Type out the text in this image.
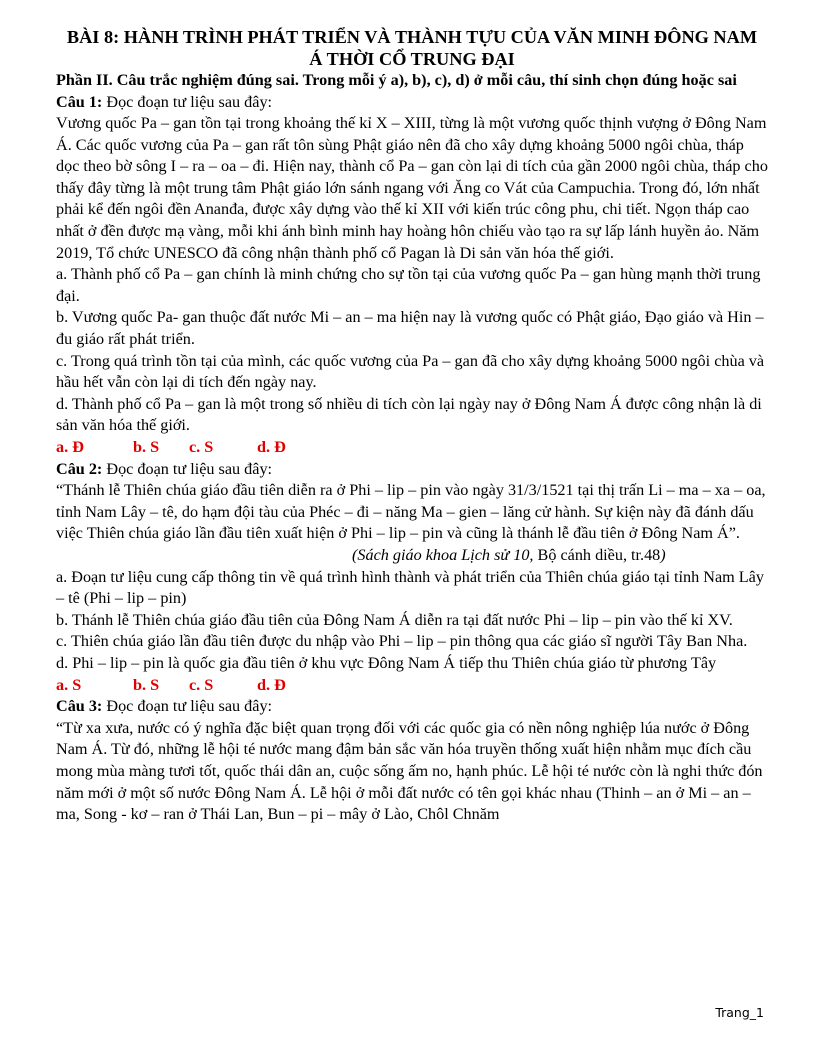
BÀI 8: HÀNH TRÌNH PHÁT TRIỂN VÀ THÀNH TỰU CỦA VĂN MINH ĐÔNG NAM

Á THỜI CỔ TRUNG ĐẠI

Phần II. Câu trắc nghiệm đúng sai. Trong mỗi ý a), b), c), d) ở mỗi câu, thí sinh chọn đúng hoặc sai

Câu 1: Đọc đoạn tư liệu sau đây:

Vương quốc Pa – gan tồn tại trong khoảng thế kỉ X – XIII, từng là một vương quốc thịnh vượng ở Đông Nam Á. Các quốc vương của Pa – gan rất tôn sùng Phật giáo nên đã cho xây dựng khoảng 5000 ngôi chùa, tháp dọc theo bờ sông I – ra – oa – đi. Hiện nay, thành cổ Pa – gan còn lại di tích của gần 2000 ngôi chùa, tháp cho thấy đây từng là một trung tâm Phật giáo lớn sánh ngang với Ăng co Vát của Campuchia. Trong đó, lớn nhất phải kể đến ngôi đền Ananđa, được xây dựng vào thế kỉ XII với kiến trúc công phu, chi tiết. Ngọn tháp cao nhất ở đền được mạ vàng, mỗi khi ánh bình minh hay hoàng hôn chiếu vào tạo ra sự lấp lánh huyền ảo. Năm 2019, Tổ chức UNESCO đã công nhận thành phố cổ Pagan là Di sản văn hóa thế giới.

a. Thành phố cổ Pa – gan chính là minh chứng cho sự tồn tại của vương quốc Pa – gan hùng mạnh thời trung đại.

b. Vương quốc Pa- gan thuộc đất nước Mi – an – ma hiện nay là vương quốc có Phật giáo, Đạo giáo và Hin – đu giáo rất phát triển.

c. Trong quá trình tồn tại của mình, các quốc vương của Pa – gan đã cho xây dựng khoảng 5000 ngôi chùa và hầu hết vẫn còn lại di tích đến ngày nay.

d. Thành phố cổ Pa – gan là một trong số nhiều di tích còn lại ngày nay ở Đông Nam Á được công nhận là di sản văn hóa thế giới.

a. Đ	b. S c. S	d. Đ

Câu 2: Đọc đoạn tư liệu sau đây:

“Thánh lễ Thiên chúa giáo đầu tiên diễn ra ở Phi – lip – pin vào ngày 31/3/1521 tại thị trấn Li – ma – xa – oa, tỉnh Nam Lây – tê, do hạm đội tàu của Phéc – đi – năng Ma – gien – lăng cử hành. Sự kiện này đã đánh dấu việc Thiên chúa giáo lần đầu tiên xuất hiện ở Phi – lip – pin và cũng là thánh lễ đầu tiên ở Đông Nam Á”.

(Sách giáo khoa Lịch sử 10, Bộ cánh diều, tr.48)

a. Đoạn tư liệu cung cấp thông tin về quá trình hình thành và phát triển của Thiên chúa giáo tại tỉnh Nam Lây – tê (Phi – lip – pin)

b. Thánh lễ Thiên chúa giáo đầu tiên của Đông Nam Á diễn ra tại đất nước Phi – lip – pin vào thế kỉ XV.

c. Thiên chúa giáo lần đầu tiên được du nhập vào Phi – lip – pin thông qua các giáo sĩ người Tây Ban Nha.

d. Phi – lip – pin là quốc gia đầu tiên ở khu vực Đông Nam Á tiếp thu Thiên chúa giáo từ phương Tây

a. S	b. S c. S	d. Đ

Câu 3: Đọc đoạn tư liệu sau đây:

“Từ xa xưa, nước có ý nghĩa đặc biệt quan trọng đối với các quốc gia có nền nông nghiệp lúa nước ở Đông Nam Á. Từ đó, những lễ hội té nước mang đậm bản sắc văn hóa truyền thống xuất hiện nhằm mục đích cầu mong mùa màng tươi tốt, quốc thái dân an, cuộc sống ấm no, hạnh phúc. Lễ hội té nước còn là nghi thức đón năm mới ở một số nước Đông Nam Á. Lễ hội ở mỗi đất nước có tên gọi khác nhau (Thinh – an ở Mi – an – ma, Song - kơ – ran ở Thái Lan, Bun – pi – mây ở Lào, Chôl Chnăm

Trang_1
